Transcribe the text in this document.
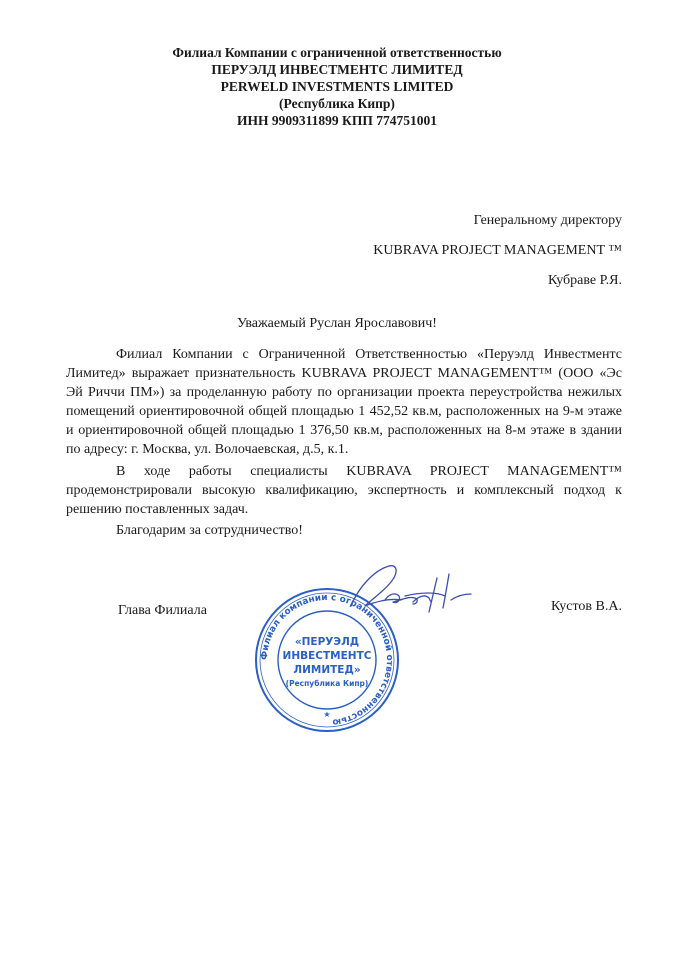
Филиал Компании с ограниченной ответственностью
ПЕРУЭЛД ИНВЕСТМЕНТС ЛИМИТЕД
PERWELD INVESTMENTS LIMITED
(Республика Кипр)
ИНН 9909311899 КПП 774751001
Генеральному директору
KUBRAVA PROJECT MANAGEMENT ™
Кубраве Р.Я.
Уважаемый Руслан Ярославович!

Филиал Компании с Ограниченной Ответственностью «Перуэлд Инвестментс Лимитед» выражает признательность KUBRAVA PROJECT MANAGEMENT™ (ООО «Эс Эй Риччи ПМ») за проделанную работу по организации проекта переустройства нежилых помещений ориентировочной общей площадью 1 452,52 кв.м, расположенных на 9-м этаже и ориентировочной общей площадью 1 376,50 кв.м, расположенных на 8-м этаже в здании по адресу: г. Москва, ул. Волочаевская, д.5, к.1.

В ходе работы специалисты KUBRAVA PROJECT MANAGEMENT™ продемонстрировали высокую квалификацию, экспертность и комплексный подход к решению поставленных задач.

Благодарим за сотрудничество!

Глава Филиала	Кустов В.А.
Филиал компании с ограниченной ответственностью
«ПЕРУЭЛД
ИНВЕСТМЕНТС
ЛИМИТЕД»
(Республика Кипр)
★
